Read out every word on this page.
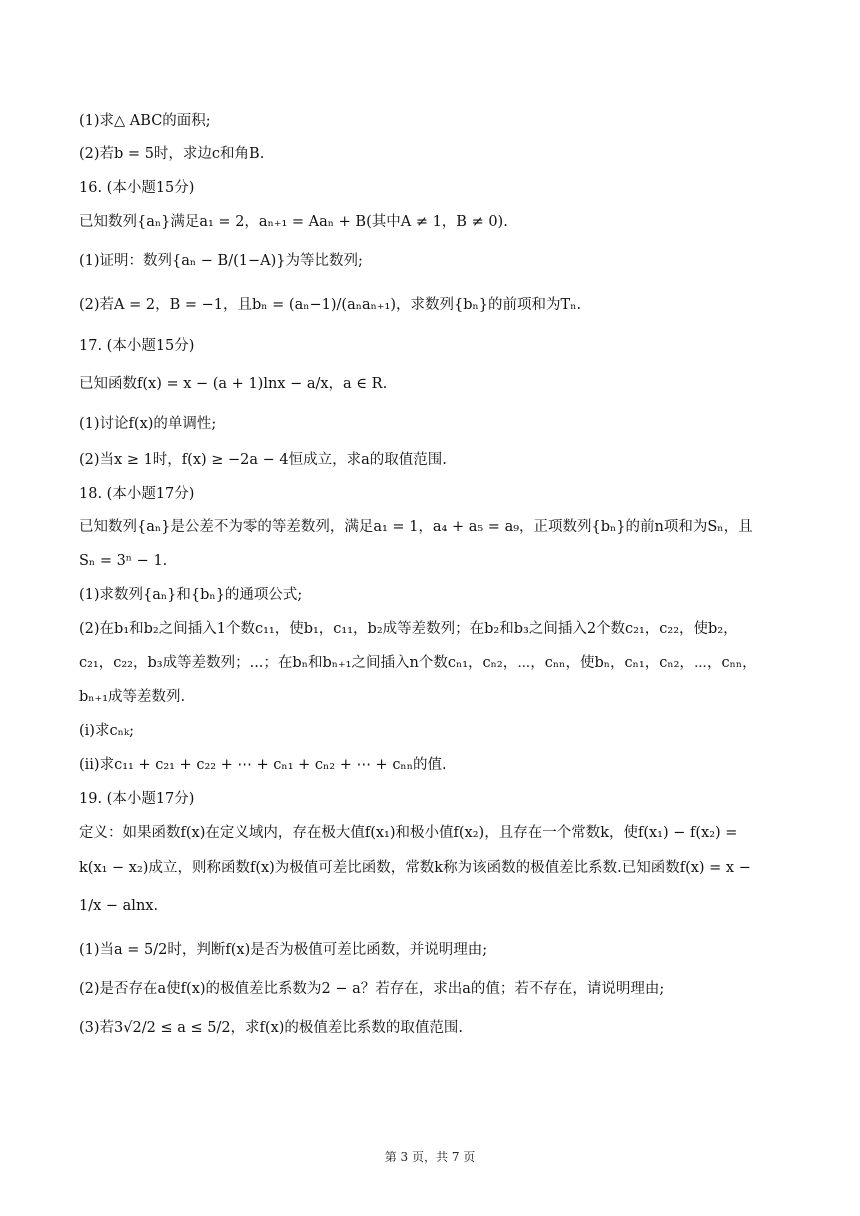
(1)求△ ABC的面积;
(2)若b = 5时，求边c和角B.
16. (本小题15分)
已知数列{aₙ}满足a₁ = 2，aₙ₊₁ = Aaₙ + B(其中A ≠ 1，B ≠ 0).
(1)证明：数列{aₙ − B/(1−A)}为等比数列;
(2)若A = 2，B = −1，且bₙ = (aₙ−1)/(aₙaₙ₊₁)，求数列{bₙ}的前项和为Tₙ.
17. (本小题15分)
已知函数f(x) = x − (a + 1)lnx − a/x，a ∈ R.
(1)讨论f(x)的单调性;
(2)当x ≥ 1时，f(x) ≥ −2a − 4恒成立，求a的取值范围.
18. (本小题17分)
已知数列{aₙ}是公差不为零的等差数列，满足a₁ = 1，a₄ + a₅ = a₉，正项数列{bₙ}的前n项和为Sₙ，且
Sₙ = 3ⁿ − 1.
(1)求数列{aₙ}和{bₙ}的通项公式;
(2)在b₁和b₂之间插入1个数c₁₁，使b₁，c₁₁，b₂成等差数列；在b₂和b₃之间插入2个数c₂₁，c₂₂，使b₂，
c₂₁，c₂₂，b₃成等差数列；...；在bₙ和bₙ₊₁之间插入n个数cₙ₁，cₙ₂，⋯，cₙₙ，使bₙ，cₙ₁，cₙ₂，⋯，cₙₙ，
bₙ₊₁成等差数列.
(ⅰ)求cₙₖ;
(ⅱ)求c₁₁ + c₂₁ + c₂₂ + ⋯ + cₙ₁ + cₙ₂ + ⋯ + cₙₙ的值.
19. (本小题17分)
定义：如果函数f(x)在定义域内，存在极大值f(x₁)和极小值f(x₂)，且存在一个常数k，使f(x₁) − f(x₂) =
k(x₁ − x₂)成立，则称函数f(x)为极值可差比函数，常数k称为该函数的极值差比系数.已知函数f(x) = x −
1/x − alnx.
(1)当a = 5/2时，判断f(x)是否为极值可差比函数，并说明理由;
(2)是否存在a使f(x)的极值差比系数为2 − a？若存在，求出a的值；若不存在，请说明理由;
(3)若3√2/2 ≤ a ≤ 5/2，求f(x)的极值差比系数的取值范围.
第 3 页，共 7 页
